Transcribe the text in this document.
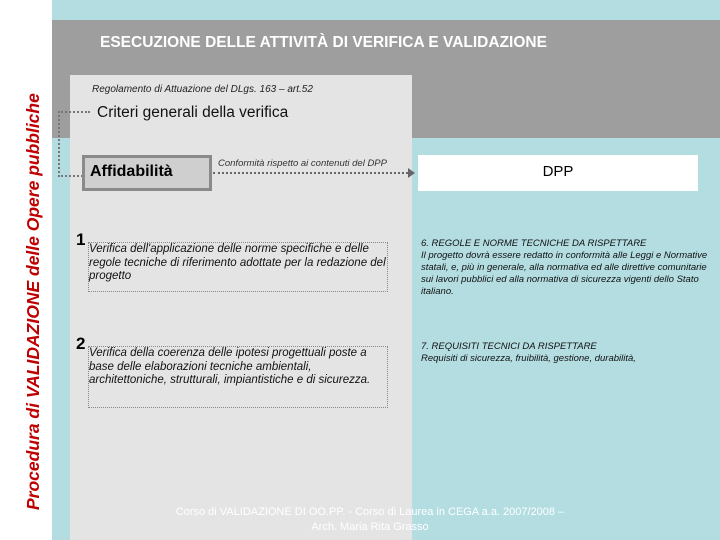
Procedura di VALIDAZIONE delle Opere pubbliche
ESECUZIONE DELLE ATTIVITÀ DI VERIFICA E VALIDAZIONE
Regolamento di Attuazione del DLgs. 163 – art.52
Criteri generali della verifica
Affidabilità	Conformità rispetto ai contenuti del DPP	DPP
1 Verifica dell'applicazione delle norme specifiche e delle regole tecniche di riferimento adottate per la redazione del progetto
6. REGOLE E NORME TECNICHE DA RISPETTARE
Il progetto dovrà essere redatto in conformità alle Leggi e Normative statali, e, più in generale, alla normativa ed alle direttive comunitarie sui lavori pubblici ed alla normativa di sicurezza vigenti dello Stato italiano.
2 Verifica della coerenza delle ipotesi progettuali poste a base delle elaborazioni tecniche ambientali, architettoniche, strutturali, impiantistiche e di sicurezza.
7. REQUISITI TECNICI DA RISPETTARE
Requisiti di sicurezza, fruibilità, gestione, durabilità,
Corso di VALIDAZIONE DI OO.PP. - Corso di Laurea in CEGA a.a. 2007/2008 –
Arch. Maria Rita Grasso
